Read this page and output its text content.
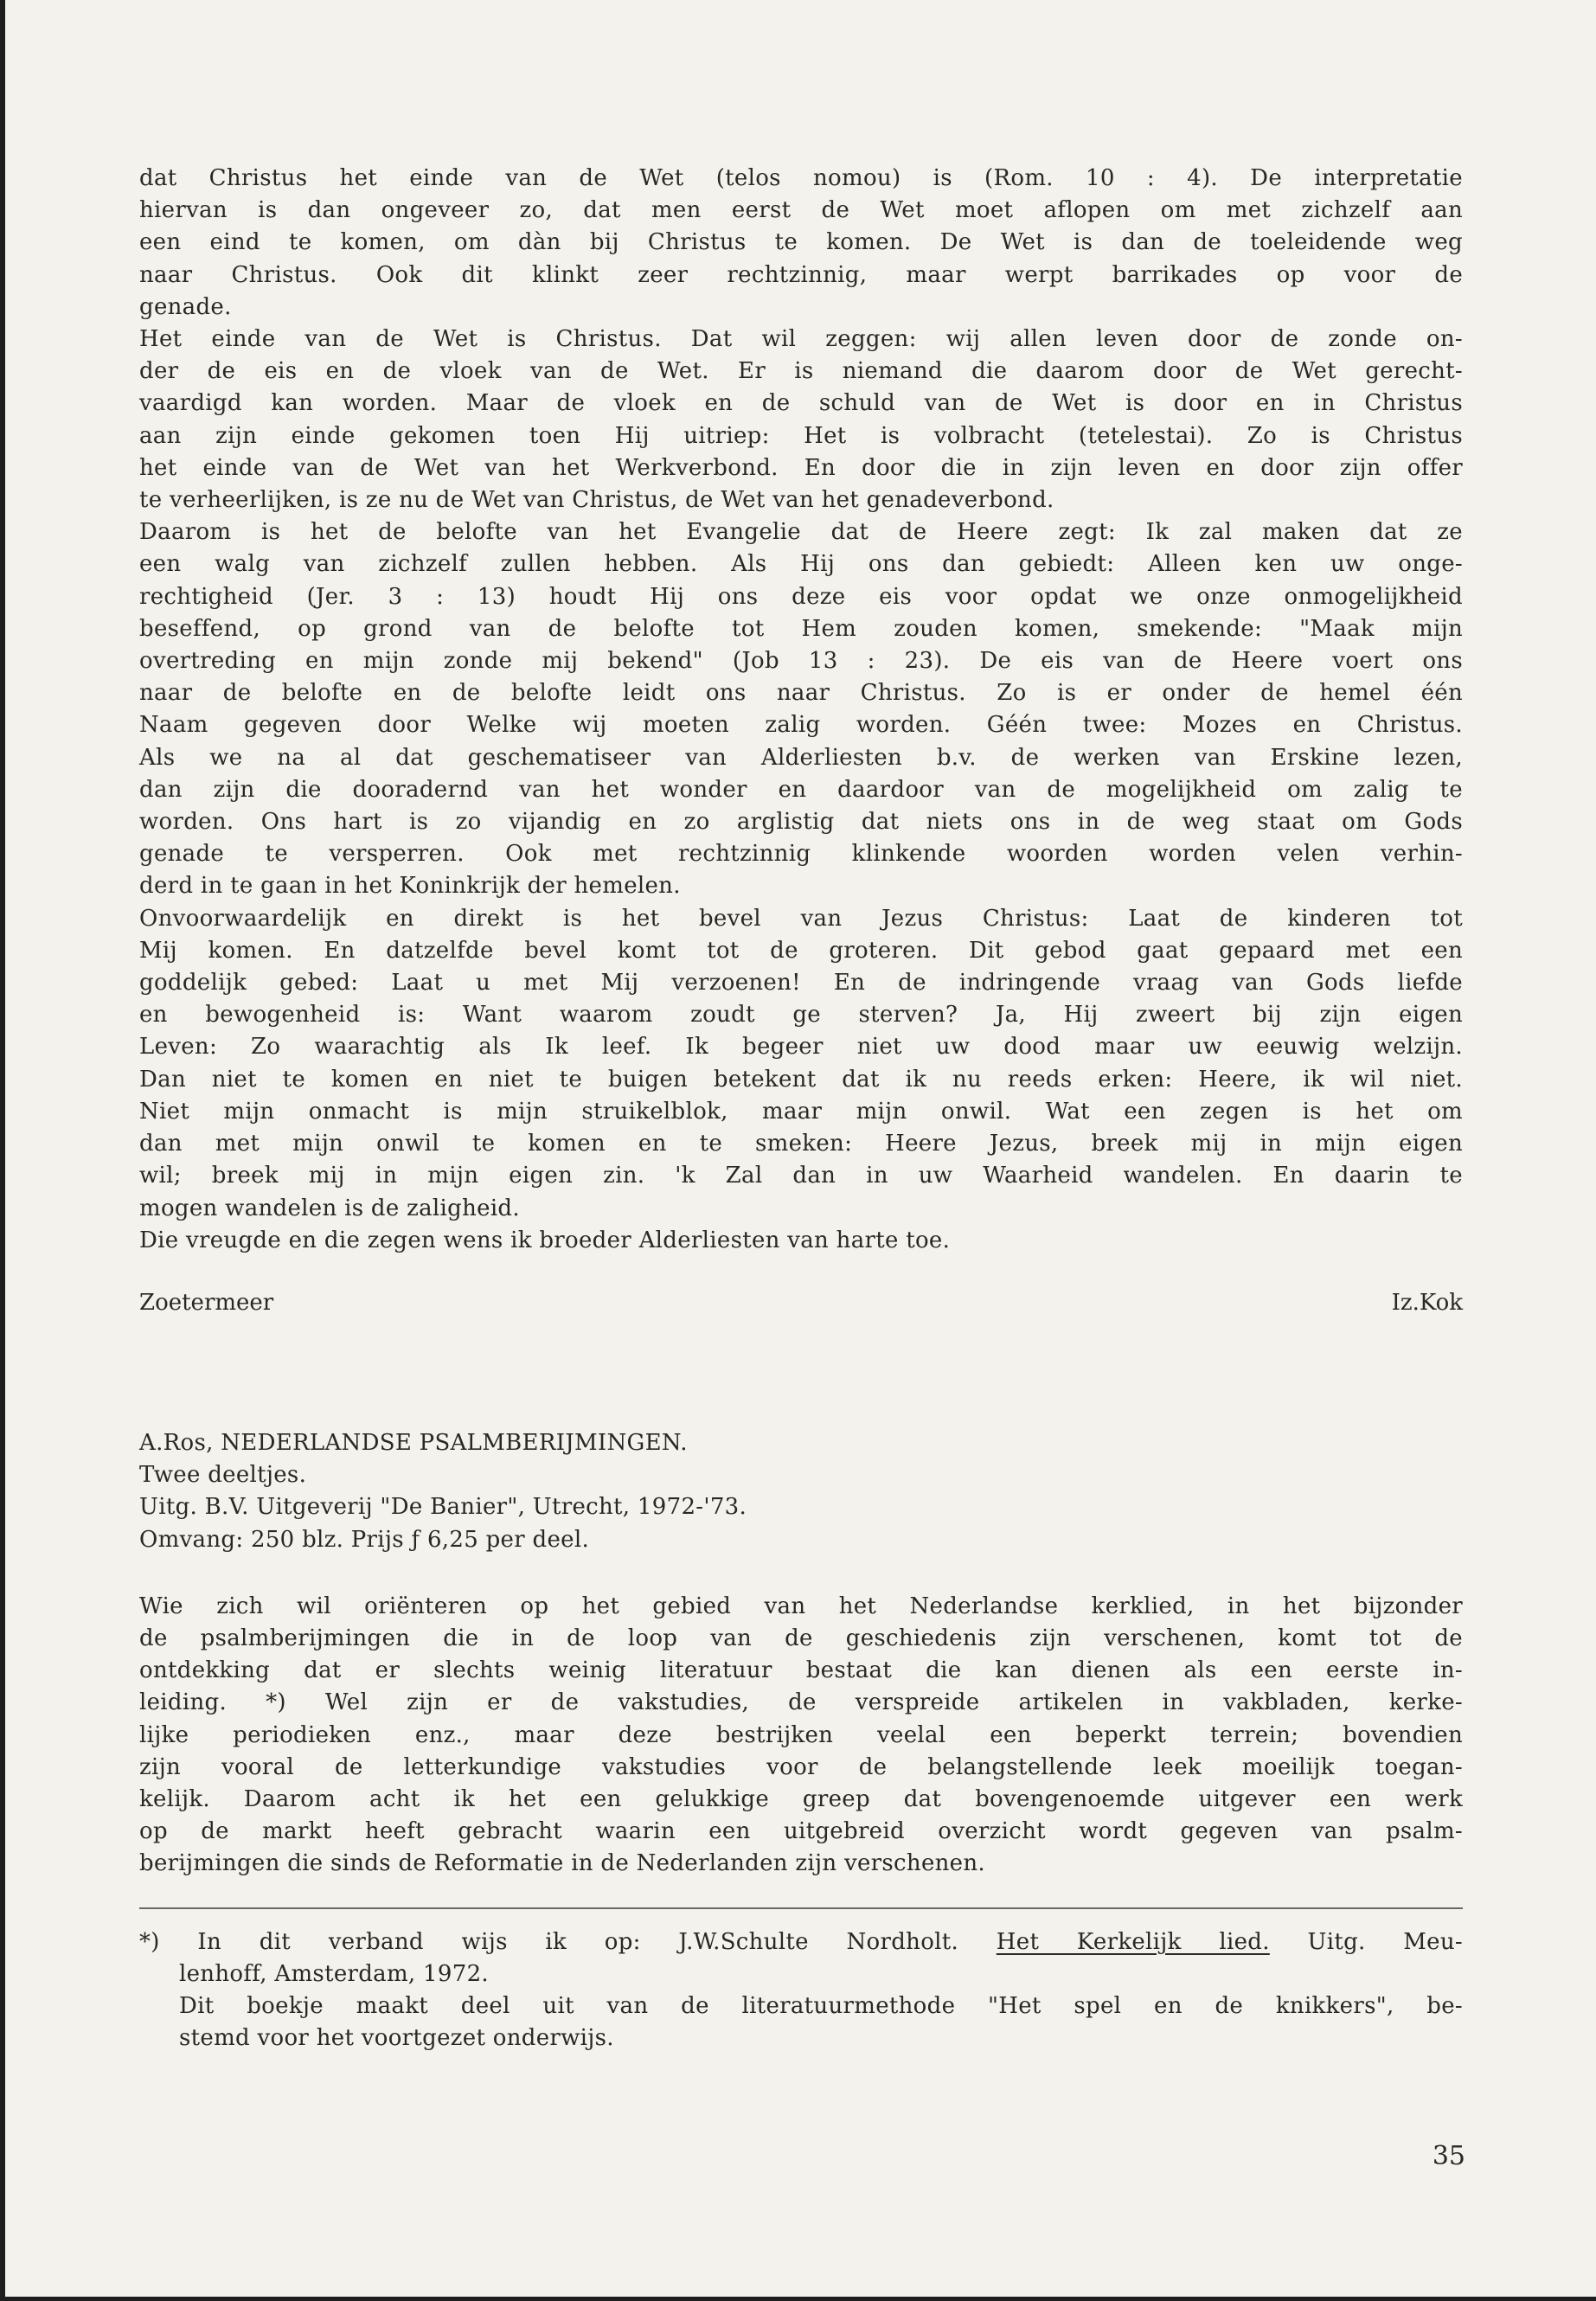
dat Christus het einde van de Wet (telos nomou) is (Rom. 10 : 4). De interpretatie
hiervan is dan ongeveer zo, dat men eerst de Wet moet aflopen om met zichzelf aan
een eind te komen, om dàn bij Christus te komen. De Wet is dan de toeleidende weg
naar Christus. Ook dit klinkt zeer rechtzinnig, maar werpt barrikades op voor de
genade.

Het einde van de Wet is Christus. Dat wil zeggen: wij allen leven door de zonde on-
der de eis en de vloek van de Wet. Er is niemand die daarom door de Wet gerecht-
vaardigd kan worden. Maar de vloek en de schuld van de Wet is door en in Christus
aan zijn einde gekomen toen Hij uitriep: Het is volbracht (tetelestai). Zo is Christus
het einde van de Wet van het Werkverbond. En door die in zijn leven en door zijn offer
te verheerlijken, is ze nu de Wet van Christus, de Wet van het genadeverbond.
Daarom is het de belofte van het Evangelie dat de Heere zegt: Ik zal maken dat ze
een walg van zichzelf zullen hebben. Als Hij ons dan gebiedt: Alleen ken uw onge-
rechtigheid (Jer. 3 : 13) houdt Hij ons deze eis voor opdat we onze onmogelijkheid
beseffend, op grond van de belofte tot Hem zouden komen, smekende: "Maak mijn
overtreding en mijn zonde mij bekend" (Job 13 : 23). De eis van de Heere voert ons
naar de belofte en de belofte leidt ons naar Christus. Zo is er onder de hemel één
Naam gegeven door Welke wij moeten zalig worden. Géén twee: Mozes en Christus.
Als we na al dat geschematiseer van Alderliesten b.v. de werken van Erskine lezen,
dan zijn die dooradernd van het wonder en daardoor van de mogelijkheid om zalig te
worden. Ons hart is zo vijandig en zo arglistig dat niets ons in de weg staat om Gods
genade te versperren. Ook met rechtzinnig klinkende woorden worden velen verhin-
derd in te gaan in het Koninkrijk der hemelen.

Onvoorwaardelijk en direkt is het bevel van Jezus Christus: Laat de kinderen tot
Mij komen. En datzelfde bevel komt tot de groteren. Dit gebod gaat gepaard met een
goddelijk gebed: Laat u met Mij verzoenen! En de indringende vraag van Gods liefde
en bewogenheid is: Want waarom zoudt ge sterven? Ja, Hij zweert bij zijn eigen
Leven: Zo waarachtig als Ik leef. Ik begeer niet uw dood maar uw eeuwig welzijn.
Dan niet te komen en niet te buigen betekent dat ik nu reeds erken: Heere, ik wil niet.
Niet mijn onmacht is mijn struikelblok, maar mijn onwil. Wat een zegen is het om
dan met mijn onwil te komen en te smeken: Heere Jezus, breek mij in mijn eigen
wil; breek mij in mijn eigen zin. 'k Zal dan in uw Waarheid wandelen. En daarin te
mogen wandelen is de zaligheid.
Die vreugde en die zegen wens ik broeder Alderliesten van harte toe.

Zoetermeer	Iz.Kok

A.Ros, NEDERLANDSE PSALMBERIJMINGEN.
Twee deeltjes.
Uitg. B.V. Uitgeverij "De Banier", Utrecht, 1972-'73.
Omvang: 250 blz. Prijs ƒ 6,25 per deel.

Wie zich wil oriënteren op het gebied van het Nederlandse kerklied, in het bijzonder
de psalmberijmingen die in de loop van de geschiedenis zijn verschenen, komt tot de
ontdekking dat er slechts weinig literatuur bestaat die kan dienen als een eerste in-
leiding. *) Wel zijn er de vakstudies, de verspreide artikelen in vakbladen, kerke-
lijke periodieken enz., maar deze bestrijken veelal een beperkt terrein; bovendien
zijn vooral de letterkundige vakstudies voor de belangstellende leek moeilijk toegan-
kelijk. Daarom acht ik het een gelukkige greep dat bovengenoemde uitgever een werk
op de markt heeft gebracht waarin een uitgebreid overzicht wordt gegeven van psalm-
berijmingen die sinds de Reformatie in de Nederlanden zijn verschenen.

*) In dit verband wijs ik op: J.W.Schulte Nordholt. Het Kerkelijk lied. Uitg. Meu-
lenhoff, Amsterdam, 1972.
Dit boekje maakt deel uit van de literatuurmethode "Het spel en de knikkers", be-
stemd voor het voortgezet onderwijs.

35
